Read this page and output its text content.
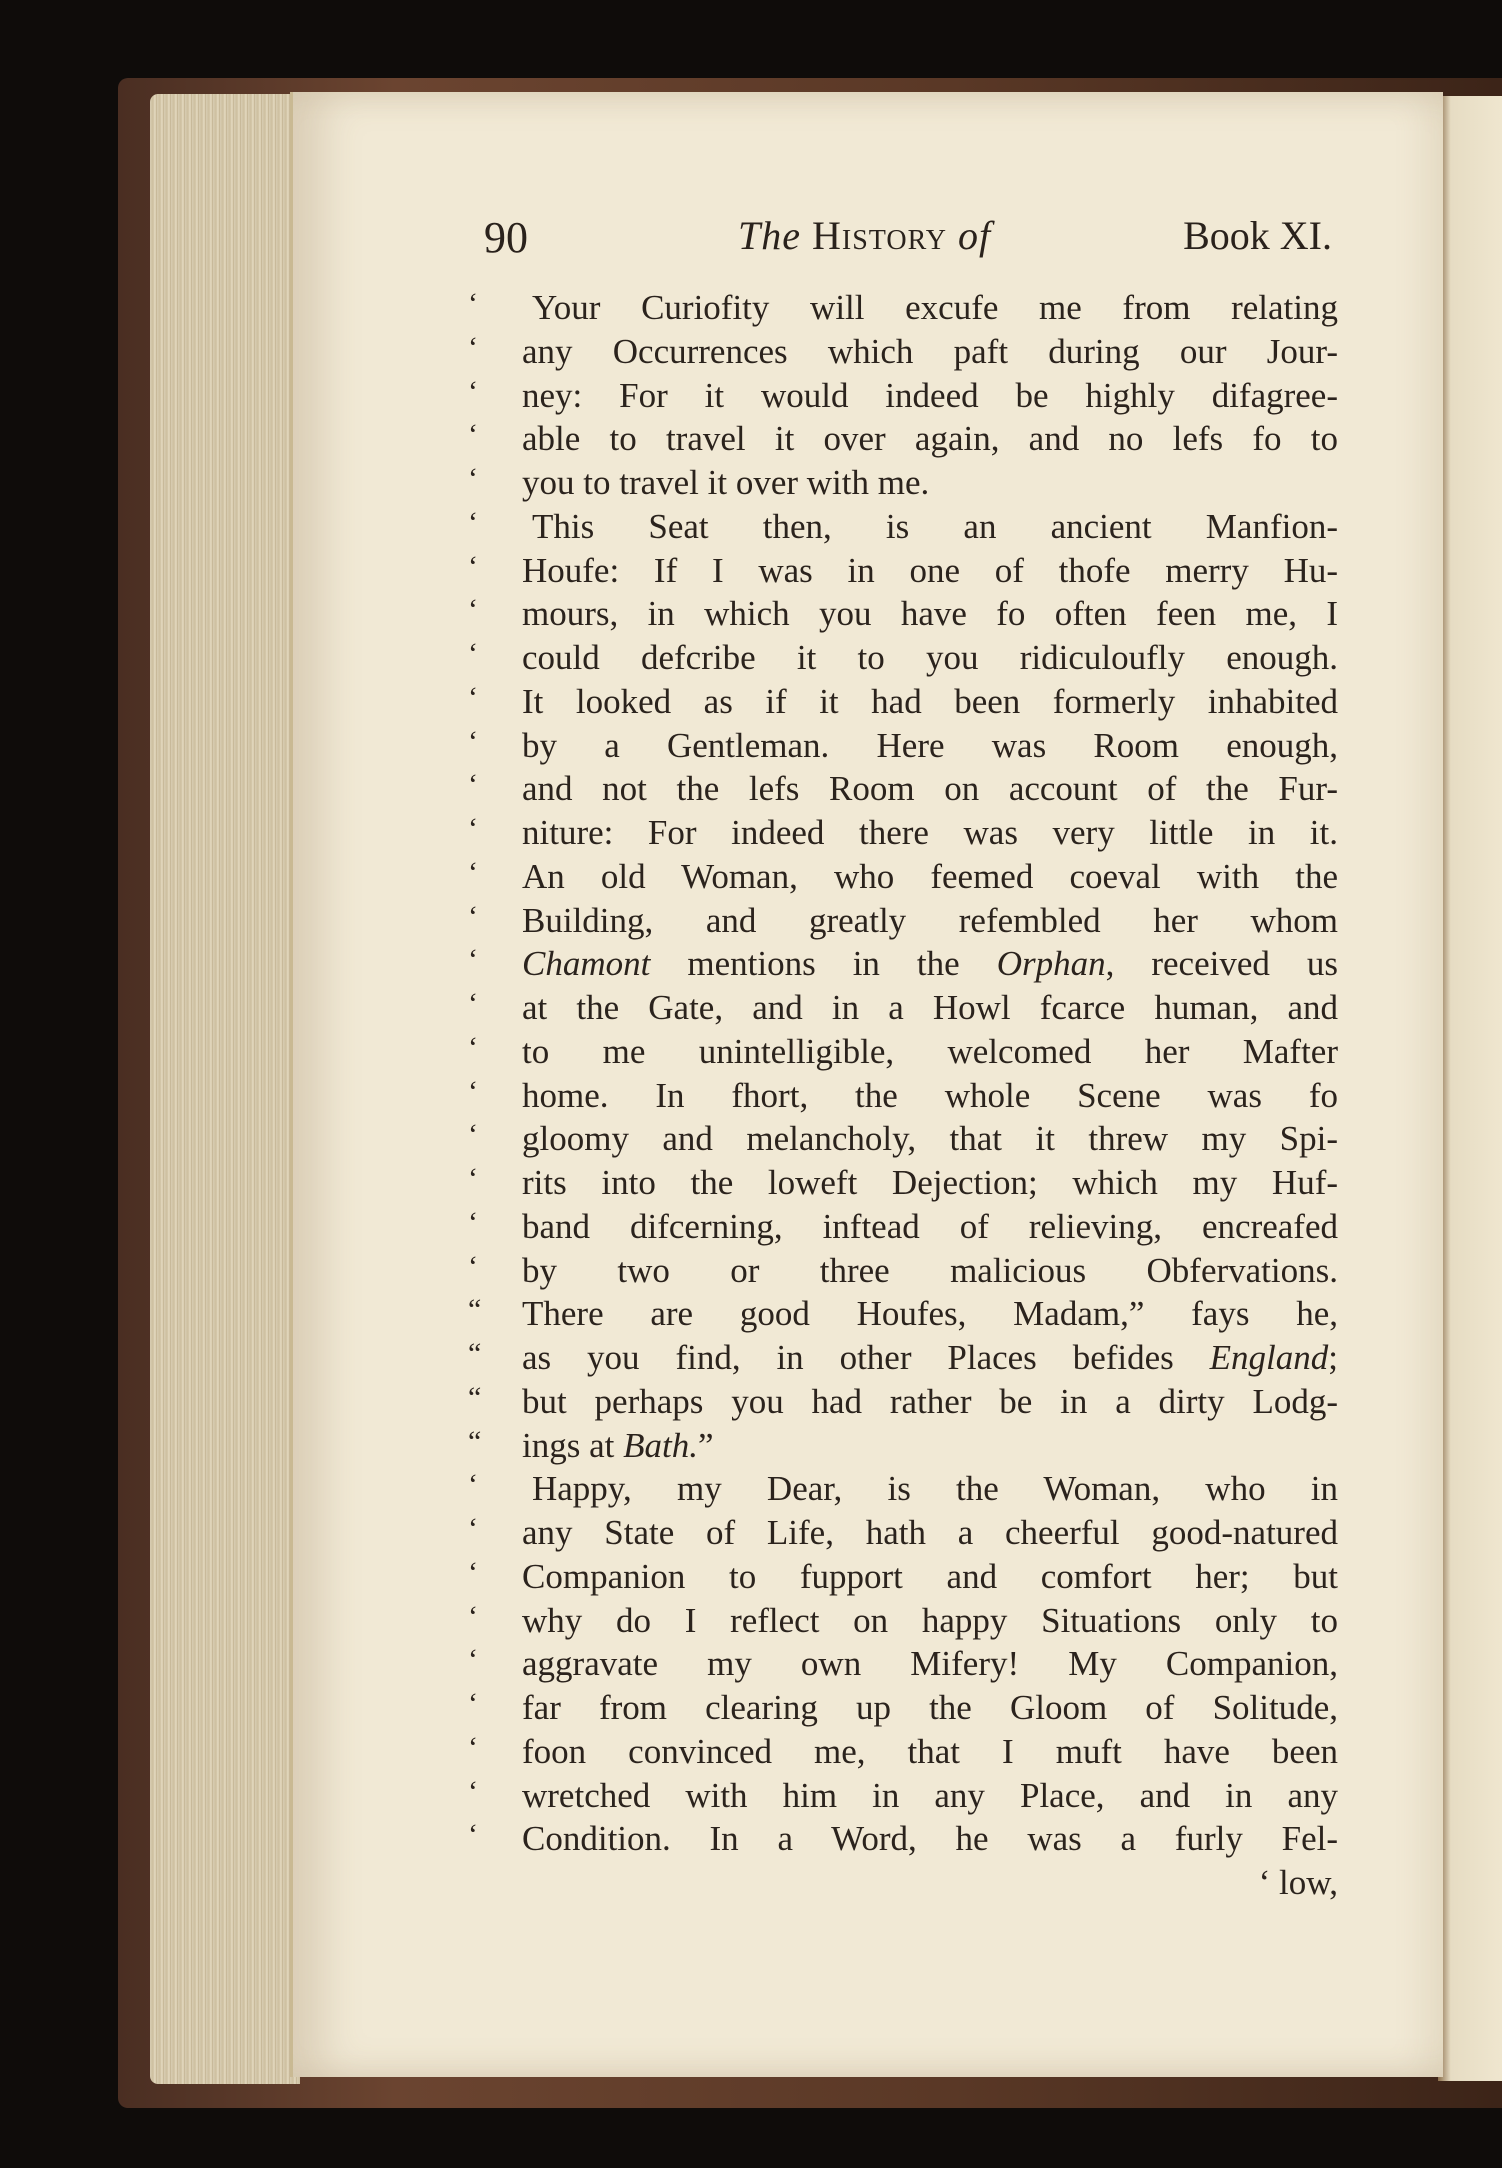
90	The History of	Book XI.
‘	Your Curiofity will excufe me from relating
‘	any Occurrences which paft during our Jour-
‘	ney: For it would indeed be highly difagree-
‘	able to travel it over again, and no lefs fo to
‘	you to travel it over with me.
‘	This Seat then, is an ancient Manfion-
‘	Houfe: If I was in one of thofe merry Hu-
‘	mours, in which you have fo often feen me, I
‘	could defcribe it to you ridiculoufly enough.
‘	It looked as if it had been formerly inhabited
‘	by a Gentleman. Here was Room enough,
‘	and not the lefs Room on account of the Fur-
‘	niture: For indeed there was very little in it.
‘	An old Woman, who feemed coeval with the
‘	Building, and greatly refembled her whom
‘	Chamont mentions in the Orphan, received us
‘	at the Gate, and in a Howl fcarce human, and
‘	to me unintelligible, welcomed her Mafter
‘	home. In fhort, the whole Scene was fo
‘	gloomy and melancholy, that it threw my Spi-
‘	rits into the loweft Dejection; which my Huf-
‘	band difcerning, inftead of relieving, encreafed
‘	by two or three malicious Obfervations.
“	There are good Houfes, Madam,” fays he,
“	as you find, in other Places befides England;
“	but perhaps you had rather be in a dirty Lodg-
“	ings at Bath.”
‘	Happy, my Dear, is the Woman, who in
‘	any State of Life, hath a cheerful good-natured
‘	Companion to fupport and comfort her; but
‘	why do I reflect on happy Situations only to
‘	aggravate my own Mifery! My Companion,
‘	far from clearing up the Gloom of Solitude,
‘	foon convinced me, that I muft have been
‘	wretched with him in any Place, and in any
‘	Condition. In a Word, he was a furly Fel-
‘ low,
